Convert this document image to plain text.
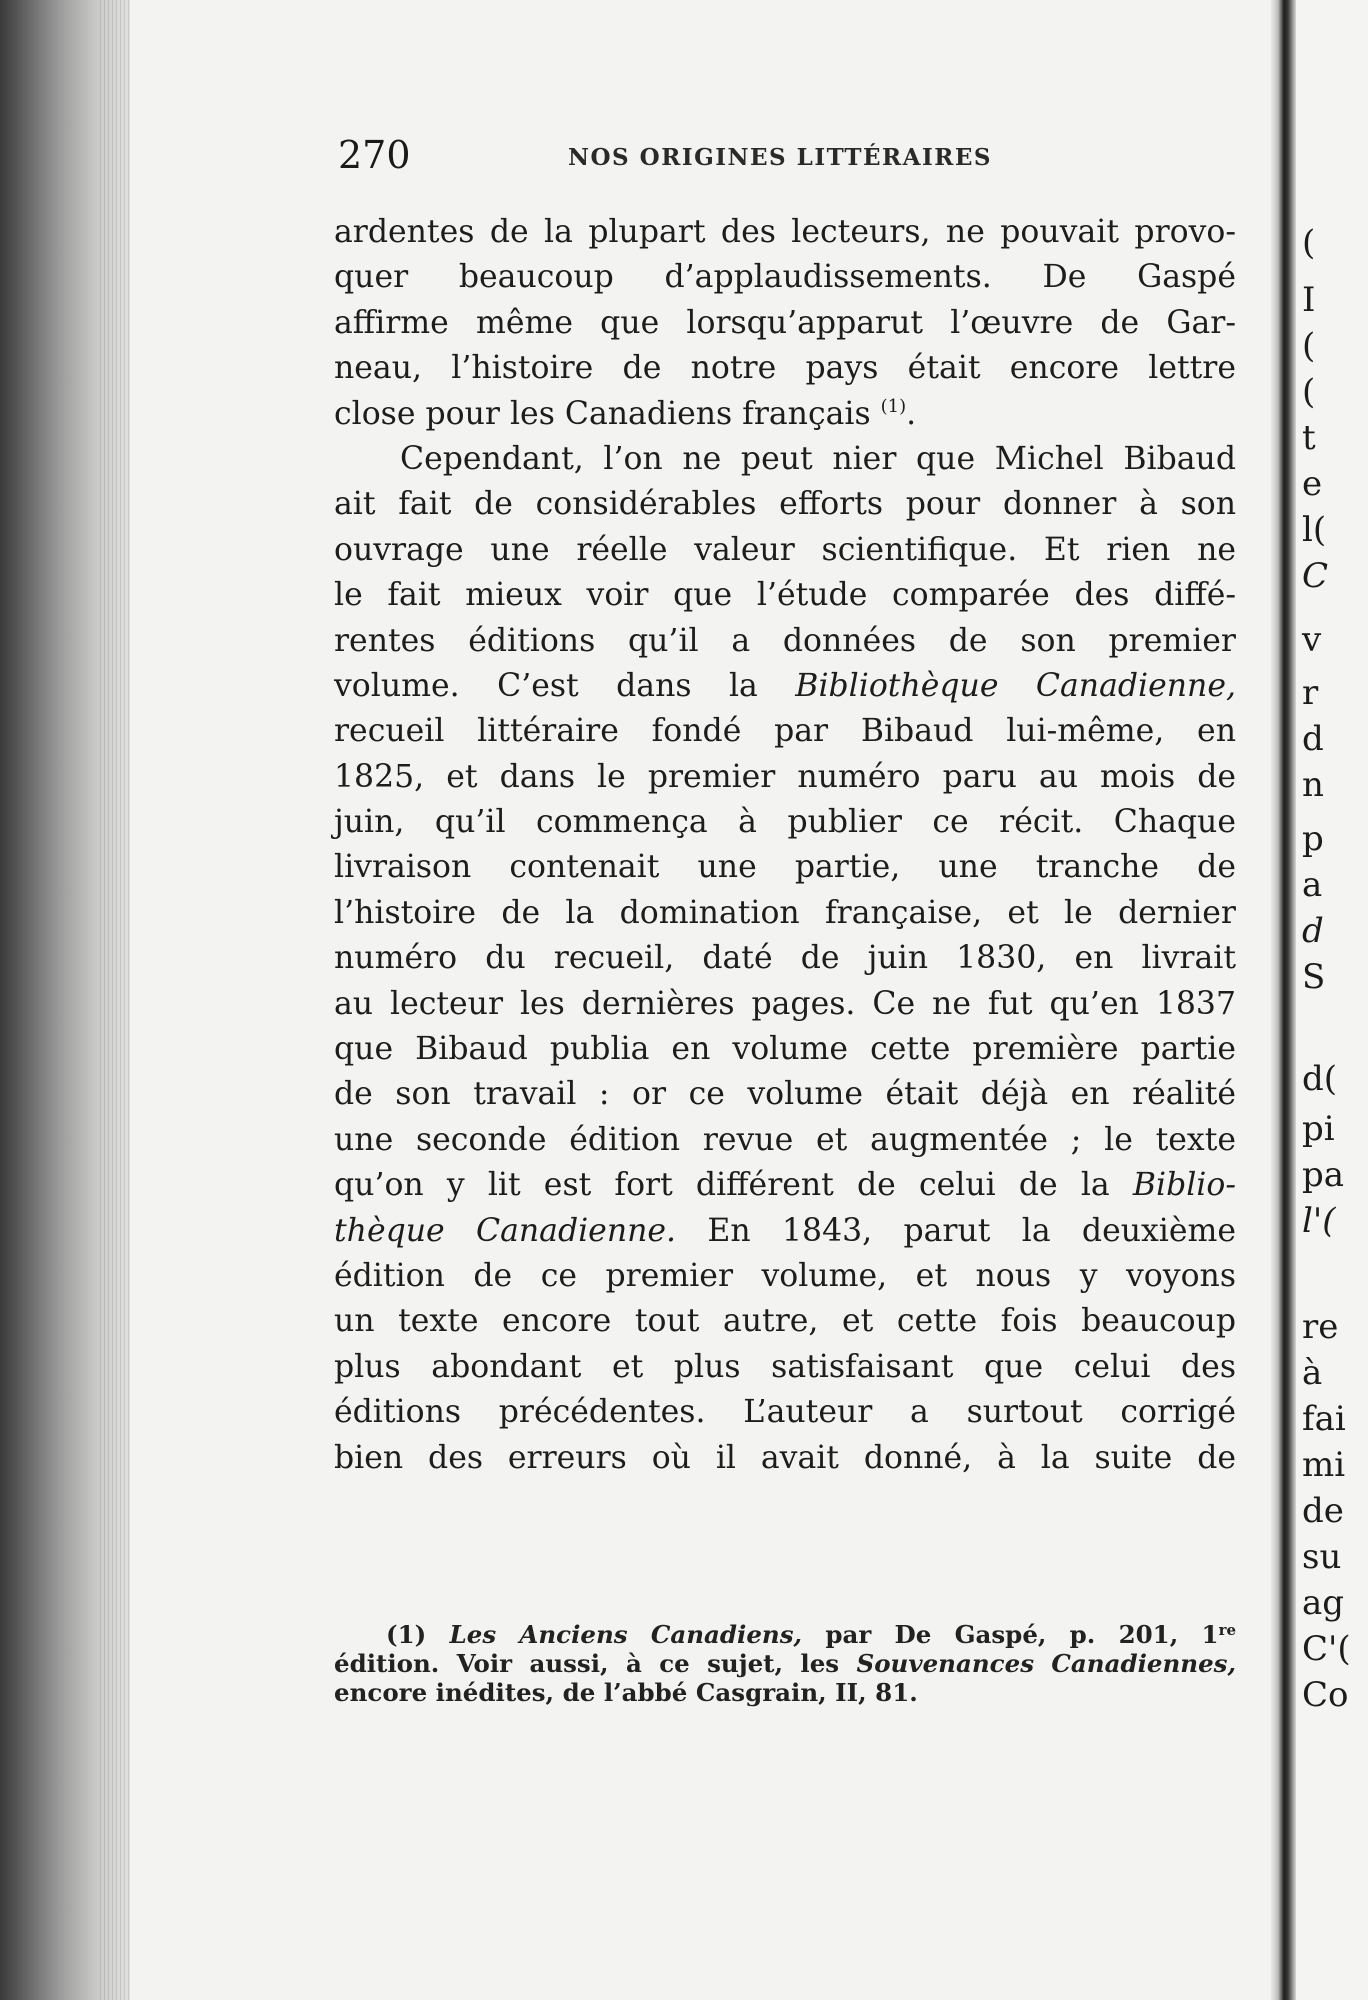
270	NOS ORIGINES LITTÉRAIRES
ardentes de la plupart des lecteurs, ne pouvait provo-
quer beaucoup d’applaudissements. De Gaspé
affirme même que lorsqu’apparut l’œuvre de Gar-
neau, l’histoire de notre pays était encore lettre
close pour les Canadiens français $^{(1)}$.
Cependant, l’on ne peut nier que Michel Bibaud
ait fait de considérables efforts pour donner à son
ouvrage une réelle valeur scientifique. Et rien ne
le fait mieux voir que l’étude comparée des diffé-
rentes éditions qu’il a données de son premier
volume. C’est dans la Bibliothèque Canadienne,
recueil littéraire fondé par Bibaud lui-même, en
1825, et dans le premier numéro paru au mois de
juin, qu’il commença à publier ce récit. Chaque
livraison contenait une partie, une tranche de
l’histoire de la domination française, et le dernier
numéro du recueil, daté de juin 1830, en livrait
au lecteur les dernières pages. Ce ne fut qu’en 1837
que Bibaud publia en volume cette première partie
de son travail : or ce volume était déjà en réalité
une seconde édition revue et augmentée ; le texte
qu’on y lit est fort différent de celui de la Biblio-
thèque Canadienne. En 1843, parut la deuxième
édition de ce premier volume, et nous y voyons
un texte encore tout autre, et cette fois beaucoup
plus abondant et plus satisfaisant que celui des
éditions précédentes. L’auteur a surtout corrigé
bien des erreurs où il avait donné, à la suite de
(1) Les Anciens Canadiens, par De Gaspé, p. 201, 1re
édition. Voir aussi, à ce sujet, les Souvenances Canadiennes,
encore inédites, de l’abbé Casgrain, II, 81.
(
I
(
(
t
e
l(
C
v
r
d
n
p
a
d
S
d(
pi
pa
l'(
re
à
fai
mi
de
su
ag
C'(
Co
